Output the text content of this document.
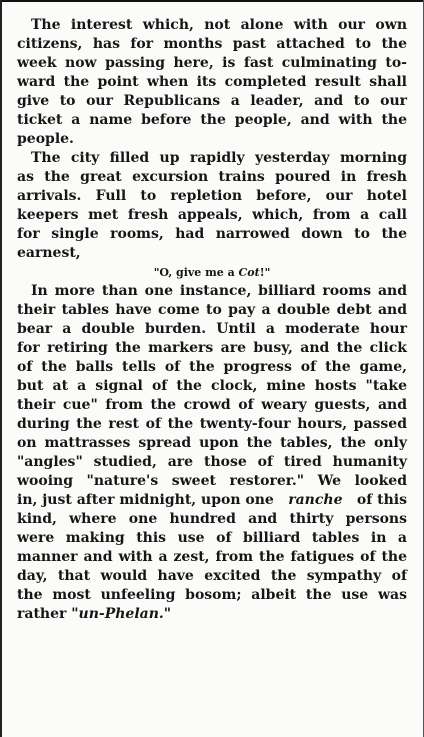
The interest which, not alone with our own
citizens, has for months past attached to the
week now passing here, is fast culminating to-
ward the point when its completed result shall
give to our Republicans a leader, and to our
ticket a name before the people, and with the
people.
The city filled up rapidly yesterday morning
as the great excursion trains poured in fresh
arrivals. Full to repletion before, our hotel
keepers met fresh appeals, which, from a call
for single rooms, had narrowed down to the
earnest,
"O, give me a Cot!"
In more than one instance, billiard rooms and
their tables have come to pay a double debt and
bear a double burden. Until a moderate hour
for retiring the markers are busy, and the click
of the balls tells of the progress of the game,
but at a signal of the clock, mine hosts "take
their cue" from the crowd of weary guests, and
during the rest of the twenty-four hours, passed
on mattrasses spread upon the tables, the only
"angles" studied, are those of tired humanity
wooing "nature's sweet restorer." We looked
in, just after midnight, upon one ranche of this
kind, where one hundred and thirty persons
were making this use of billiard tables in a
manner and with a zest, from the fatigues of the
day, that would have excited the sympathy of
the most unfeeling bosom; albeit the use was
rather "un-Phelan."
